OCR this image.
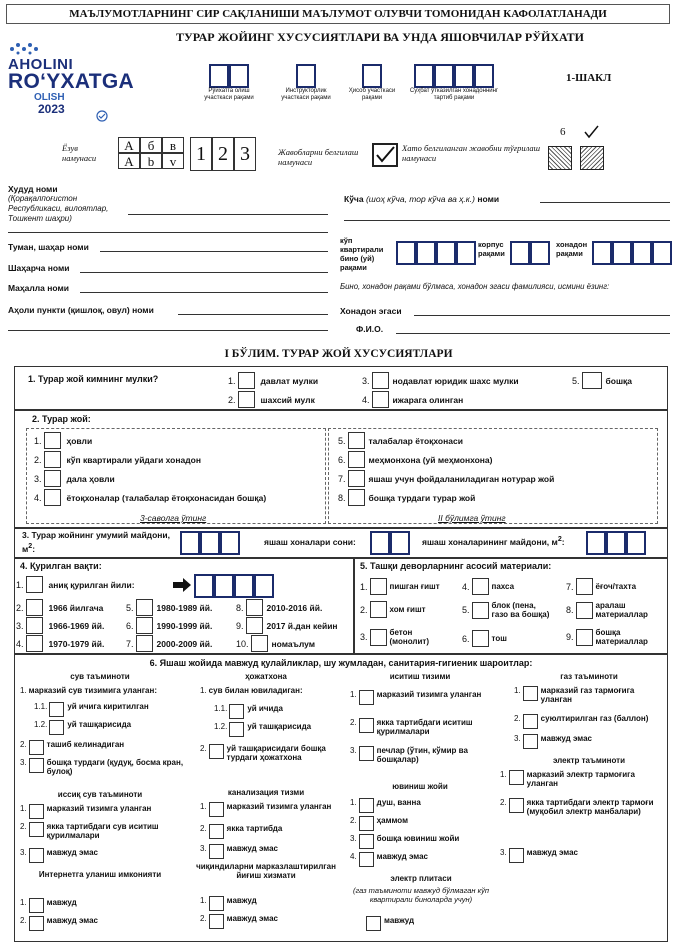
МАЪЛУМОТЛАРНИНГ СИР САҚЛАНИШИ МАЪЛУМОТ ОЛУВЧИ ТОМОНИДАН КАФОЛАТЛАНАДИ
AHOLINI
ROʻYXATGA
OLISH
2023
ТУРАР ЖОЙИНГ ХУСУСИЯТЛАРИ ВА УНДА ЯШОВЧИЛАР РЎЙХАТИ
Рўйхатга олиш участкаси рақами
Инструкторлик участкаси рақами
Ҳисоб участкаси рақами
Суҳбат ўтказилган хонадоннинг тартиб рақами
1-ШАКЛ
Ёзув намунаси
А б в
А b v 1 2 3	Жавобларни белгилаш намунаси
Хато белгиланган жавобни тўғрилаш намунаси
6
Худуд номи
(Қорақалпоғистон Республикаси, вилоятлар, Тошкент шаҳри)
Туман, шаҳар номи
Шаҳарча номи
Маҳалла номи
Аҳоли пункти (қишлоқ, овул) номи
Кўча (шоҳ кўча, тор кўча ва ҳ.к.) номи
кўп квартирали бино (уй) рақами
корпус рақами
хонадон рақами
Бино, хонадон рақами бўлмаса, хонадон эгаси фамилияси, исмини ёзинг:
Хонадон эгаси
Ф.И.О.
I БЎЛИМ. ТУРАР ЖОЙ ХУСУСИЯТЛАРИ
1. Турар жой кимнинг мулки?	1.	давлат мулки
2.	шахсий мулк
3.	нодавлат юридик шахс мулки
4.	ижарага олинган
5.	бошқа
2. Турар жой:
1.	ҳовли
2.	кўп квартирали уйдаги хонадон
3.	дала ҳовли
4.	ётоқхоналар (талабалар ётоқхонасидан бошқа)
3-саволга ўтинг
5.	талабалар ётоқхонаси
6.	меҳмонхона (уй меҳмонхона)
7.	яшаш учун фойдаланиладиган нотурар жой
8.	бошқа турдаги турар жой
II бўлимга ўтинг
3. Турар жойнинг умумий майдони, $м^2$:
яшаш хоналари сони:	яшаш хоналарининг майдони, $м^2$:
4. Қурилган вақти:
1.	аниқ қурилган йили:
2.	1966 йилгача
3.	1966-1969 йй.
4.	1970-1979 йй.
5.	1980-1989 йй.
6.	1990-1999 йй.
7.	2000-2009 йй.
8.	2010-2016 йй.
9.	2017 й.дан кейин
10.	номаълум
5. Ташқи деворларнинг асосий материали:
1.	пишган ғишт
2.	хом ғишт
3.	бетон (монолит)
4.	пахса
5.	блок (пена, газо ва бошқа)
6.	тош
7.	ёғоч/тахта
8.	аралаш материаллар
9.	бошқа материаллар
6. Яшаш жойида мавжуд қулайликлар, шу жумладан, санитария-гигиеник шароитлар:
сув таъминоти
1. марказий сув тизимига уланган:
1.1.	уй ичига киритилган
1.2.	уй ташқарисида
2.	ташиб келинадиган
3.	бошқа турдаги (қудуқ, босма кран, булоқ)
иссиқ сув таъминоти
1.	марказий тизимга уланган
2.	якка тартибдаги сув иситиш қурилмалари
3.	мавжуд эмас
Интернетга уланиш имконияти
1.	мавжуд
2.	мавжуд эмас
ҳожатхона
1. сув билан ювиладиган:
1.1.	уй ичида
1.2.	уй ташқарисида
2.	уй ташқарисидаги бошқа турдаги ҳожатхона
канализация тизми
1.	марказий тизимга уланган
2.	якка тартибда
3.	мавжуд эмас
чиқиндиларни марказлаштирилган йиғиш хизмати
1.	мавжуд
2.	мавжуд эмас
иситиш тизими
1.	марказий тизимга уланган
2.	якка тартибдаги иситиш қурилмалари
3.	печлар (ўтин, кўмир ва бошқалар)
ювиниш жойи
1.	душ, ванна
2.	ҳаммом
3.	бошқа ювиниш жойи
4.	мавжуд эмас
электр плитаси
(газ таъминоти мавжуд бўлмаган кўп квартирали биноларда учун)
мавжуд
газ таъминоти
1.	марказий газ тармоғига уланган
2.	суюлтирилган газ (баллон)
3.	мавжуд эмас
электр таъминоти
1.	марказий электр тармоғига уланган
2.	якка тартибдаги электр тармоғи (муқобил электр манбалари)
3.	мавжуд эмас
